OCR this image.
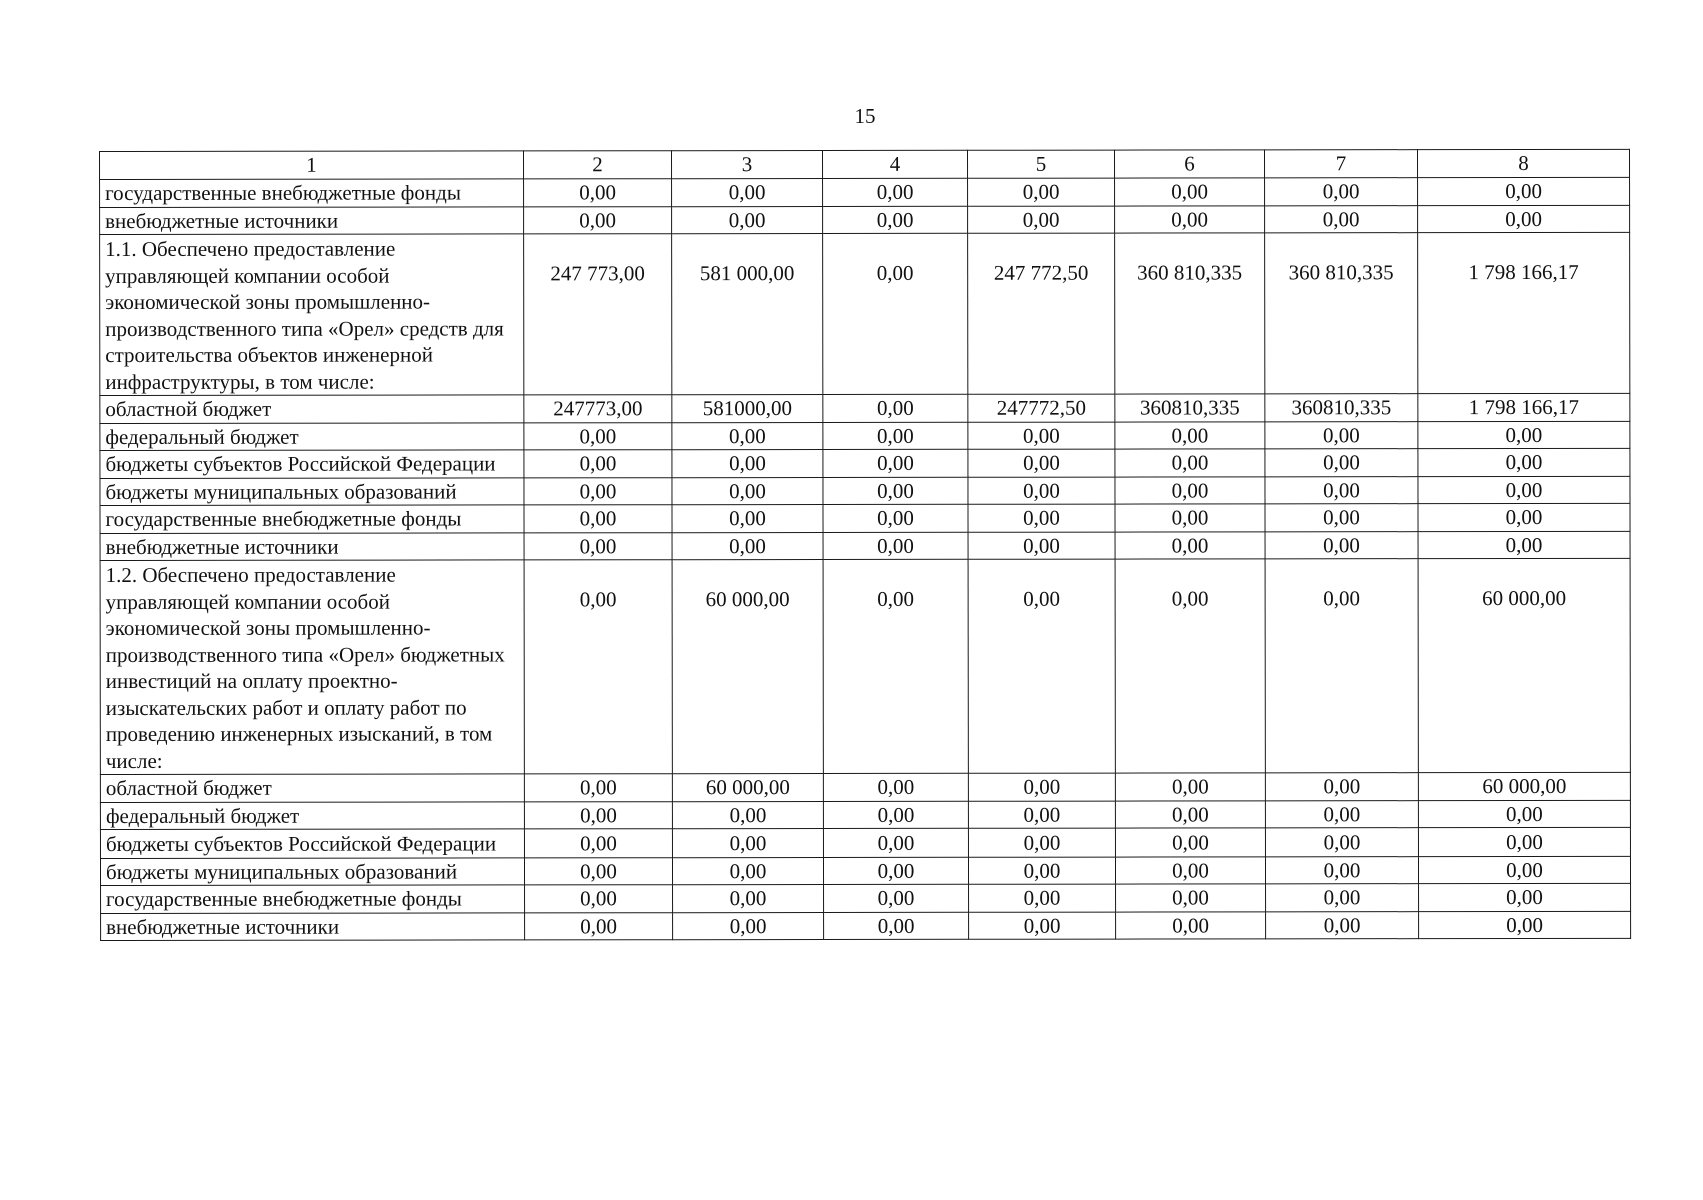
15
1	2	3	4	5	6	7	8
государственные внебюджетные фонды	0,00	0,00	0,00	0,00	0,00	0,00	0,00
внебюджетные источники	0,00	0,00	0,00	0,00	0,00	0,00	0,00
1.1. Обеспечено предоставление управляющей компании особой экономической зоны промышленно-производственного типа «Орел» средств для строительства объектов инженерной инфраструктуры, в том числе:	247 773,00	581 000,00	0,00	247 772,50	360 810,335	360 810,335	1 798 166,17
областной бюджет	247773,00	581000,00	0,00	247772,50	360810,335	360810,335	1 798 166,17
федеральный бюджет	0,00	0,00	0,00	0,00	0,00	0,00	0,00
бюджеты субъектов Российской Федерации	0,00	0,00	0,00	0,00	0,00	0,00	0,00
бюджеты муниципальных образований	0,00	0,00	0,00	0,00	0,00	0,00	0,00
государственные внебюджетные фонды	0,00	0,00	0,00	0,00	0,00	0,00	0,00
внебюджетные источники	0,00	0,00	0,00	0,00	0,00	0,00	0,00
1.2. Обеспечено предоставление управляющей компании особой экономической зоны промышленно-производственного типа «Орел» бюджетных инвестиций на оплату проектно-изыскательских работ и оплату работ по проведению инженерных изысканий, в том числе:	0,00	60 000,00	0,00	0,00	0,00	0,00	60 000,00
областной бюджет	0,00	60 000,00	0,00	0,00	0,00	0,00	60 000,00
федеральный бюджет	0,00	0,00	0,00	0,00	0,00	0,00	0,00
бюджеты субъектов Российской Федерации	0,00	0,00	0,00	0,00	0,00	0,00	0,00
бюджеты муниципальных образований	0,00	0,00	0,00	0,00	0,00	0,00	0,00
государственные внебюджетные фонды	0,00	0,00	0,00	0,00	0,00	0,00	0,00
внебюджетные источники	0,00	0,00	0,00	0,00	0,00	0,00	0,00
